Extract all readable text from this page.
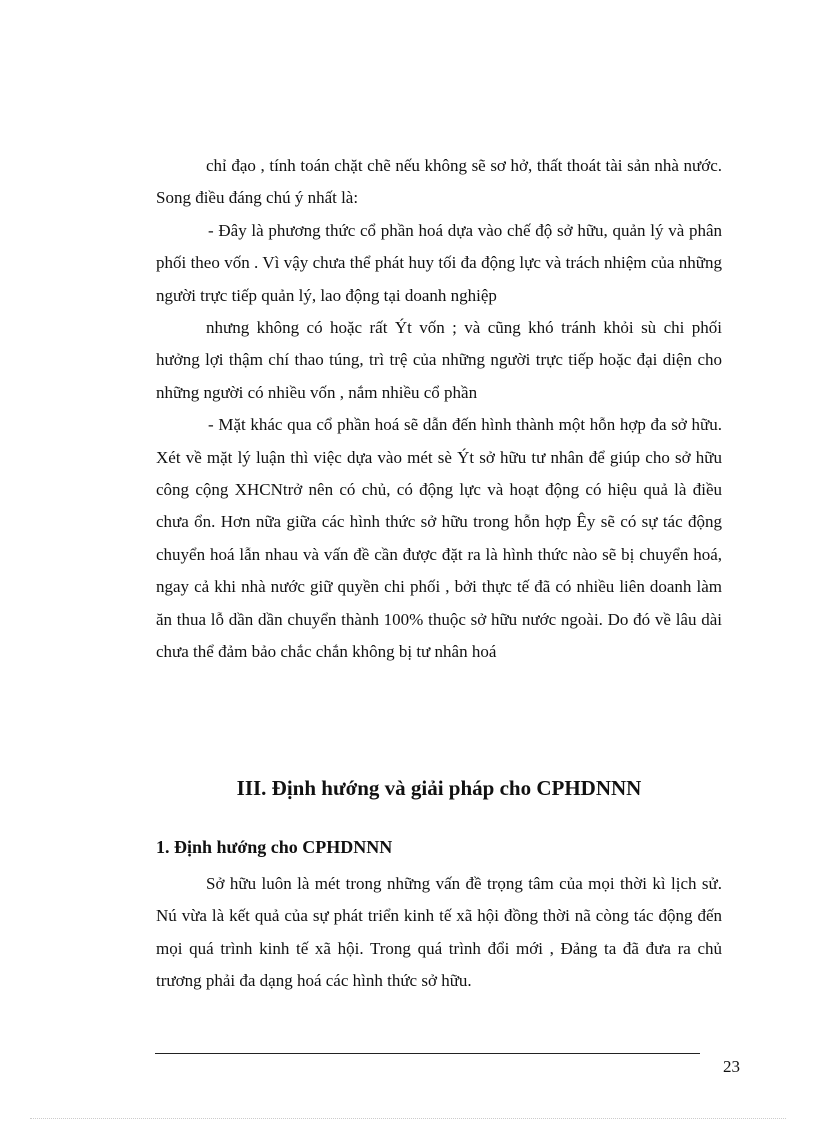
chỉ đạo , tính toán chặt chẽ nếu không sẽ sơ hở, thất thoát tài sản nhà nước. Song điều đáng chú ý nhất là:

- Đây là phương thức cổ phần hoá dựa vào chế độ sở hữu, quản lý và phân phối theo vốn . Vì vậy chưa thể phát huy tối đa động lực và trách nhiệm của những người trực tiếp quản lý, lao động tại doanh nghiệp

nhưng không có hoặc rất Ýt vốn ; và cũng khó tránh khỏi sù chi phối hưởng lợi thậm chí thao túng, trì trệ của những người trực tiếp hoặc đại diện cho những người có nhiều vốn , nắm nhiều cổ phần

- Mặt khác qua cổ phần hoá sẽ dẫn đến hình thành một hỗn hợp đa sở hữu. Xét về mặt lý luận thì việc dựa vào mét sè Ýt sở hữu tư nhân để giúp cho sở hữu công cộng XHCNtrở nên có chủ, có động lực và hoạt động có hiệu quả là điều chưa ổn. Hơn nữa giữa các hình thức sở hữu trong hỗn hợp Êy sẽ có sự tác động chuyển hoá lẫn nhau và vấn đề cần được đặt ra là hình thức nào sẽ bị chuyển hoá, ngay cả khi nhà nước giữ quyền chi phối , bởi thực tế đã có nhiều liên doanh làm ăn thua lỗ dần dần chuyển thành 100% thuộc sở hữu nước ngoài. Do đó về lâu dài chưa thể đảm bảo chắc chắn không bị tư nhân hoá

III. Định hướng và giải pháp cho CPHDNNN
1. Định hướng cho CPHDNNN

Sở hữu luôn là mét trong những vấn đề trọng tâm của mọi thời kì lịch sử. Nú vừa là kết quả của sự phát triển kinh tế xã hội đồng thời nã còng tác động đến mọi quá trình kinh tế xã hội. Trong quá trình đổi mới , Đảng ta đã đưa ra chủ trương phải đa dạng hoá các hình thức sở hữu.

23
